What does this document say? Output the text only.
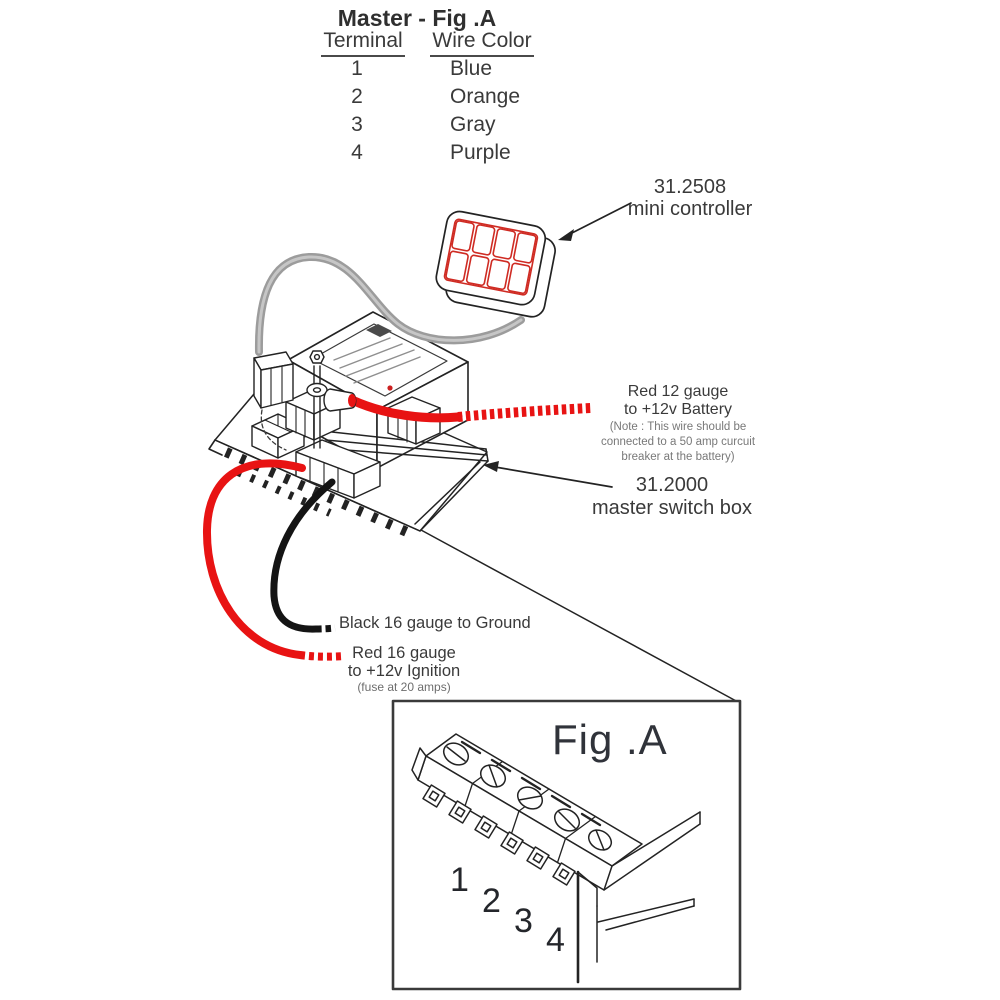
Master - Fig .A
Terminal	Wire Color
1	Blue
2	Orange
3	Gray
4	Purple
31.2508
mini controller
Red 12 gauge
to +12v Battery
(Note : This wire should be
connected to a 50 amp curcuit
breaker at the battery)
31.2000
master switch box
Black 16 gauge to Ground
Red 16 gauge
to +12v Ignition
(fuse at 20 amps)
Fig .A
1
2
3 4
